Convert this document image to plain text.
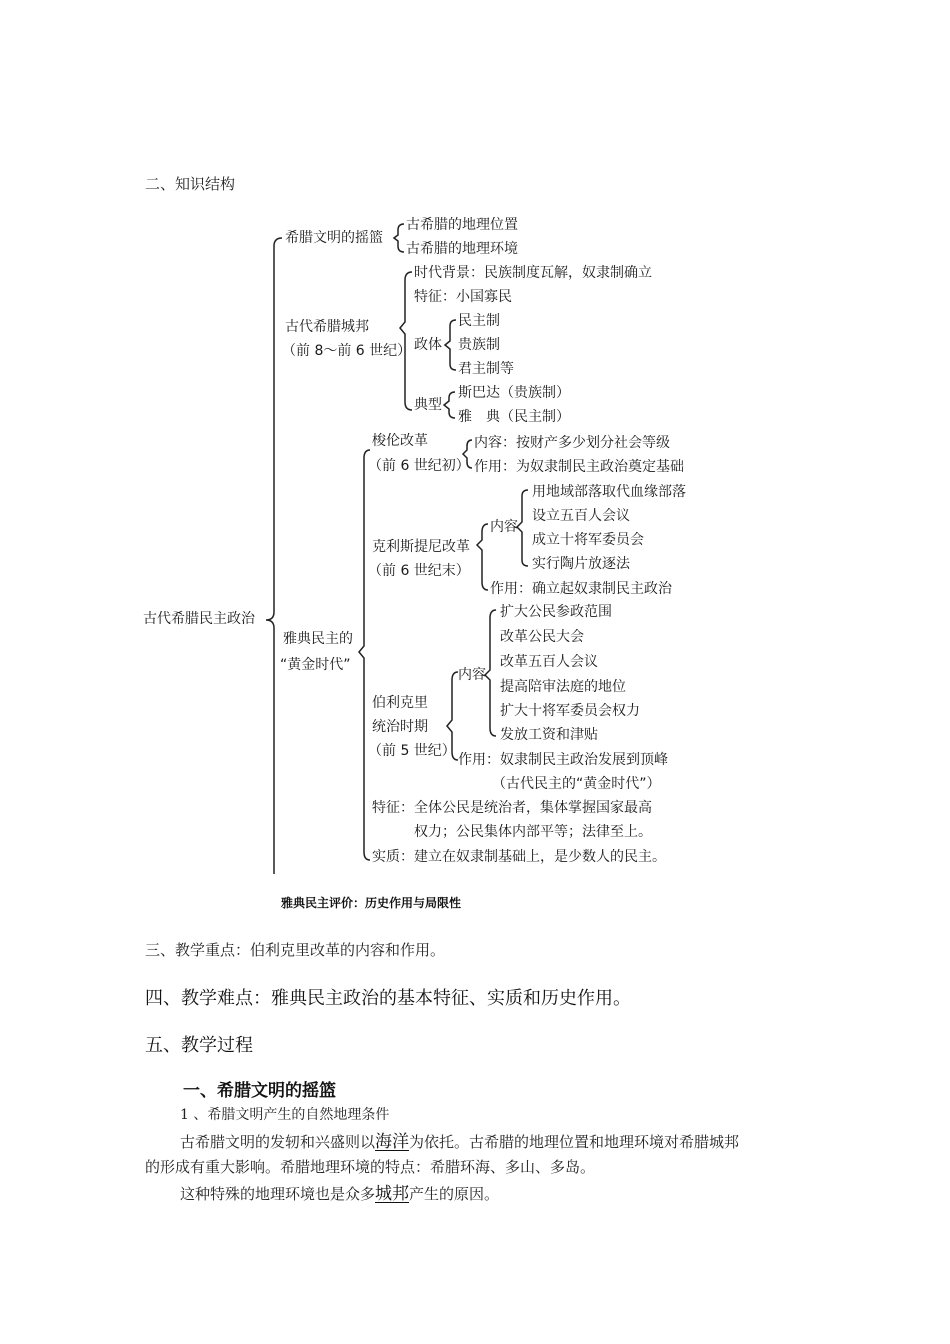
二、知识结构
古代希腊民主政治
希腊文明的摇篮
古希腊的地理位置
古希腊的地理环境
古代希腊城邦
（前 8～前 6 世纪）
时代背景：民族制度瓦解，奴隶制确立
特征：小国寡民
政体
民主制
贵族制
君主制等
典型
斯巴达（贵族制）
雅　典（民主制）
雅典民主的
“黄金时代”
梭伦改革
（前 6 世纪初）
内容：按财产多少划分社会等级
作用：为奴隶制民主政治奠定基础
克利斯提尼改革
（前 6 世纪末）
内容
用地域部落取代血缘部落
设立五百人会议
成立十将军委员会
实行陶片放逐法
作用：确立起奴隶制民主政治
伯利克里
统治时期
（前 5 世纪）
内容
扩大公民参政范围
改革公民大会
改革五百人会议
提高陪审法庭的地位
扩大十将军委员会权力
发放工资和津贴
作用：奴隶制民主政治发展到顶峰
（古代民主的“黄金时代”）
特征：全体公民是统治者，集体掌握国家最高
权力；公民集体内部平等；法律至上。
实质：建立在奴隶制基础上，是少数人的民主。
雅典民主评价：历史作用与局限性
三、教学重点：伯利克里改革的内容和作用。
四、教学难点：雅典民主政治的基本特征、实质和历史作用。
五、教学过程
一、希腊文明的摇篮
1 、希腊文明产生的自然地理条件
古希腊文明的发轫和兴盛则以海洋为依托。古希腊的地理位置和地理环境对希腊城邦
的形成有重大影响。希腊地理环境的特点：希腊环海、多山、多岛。
这种特殊的地理环境也是众多城邦产生的原因。
